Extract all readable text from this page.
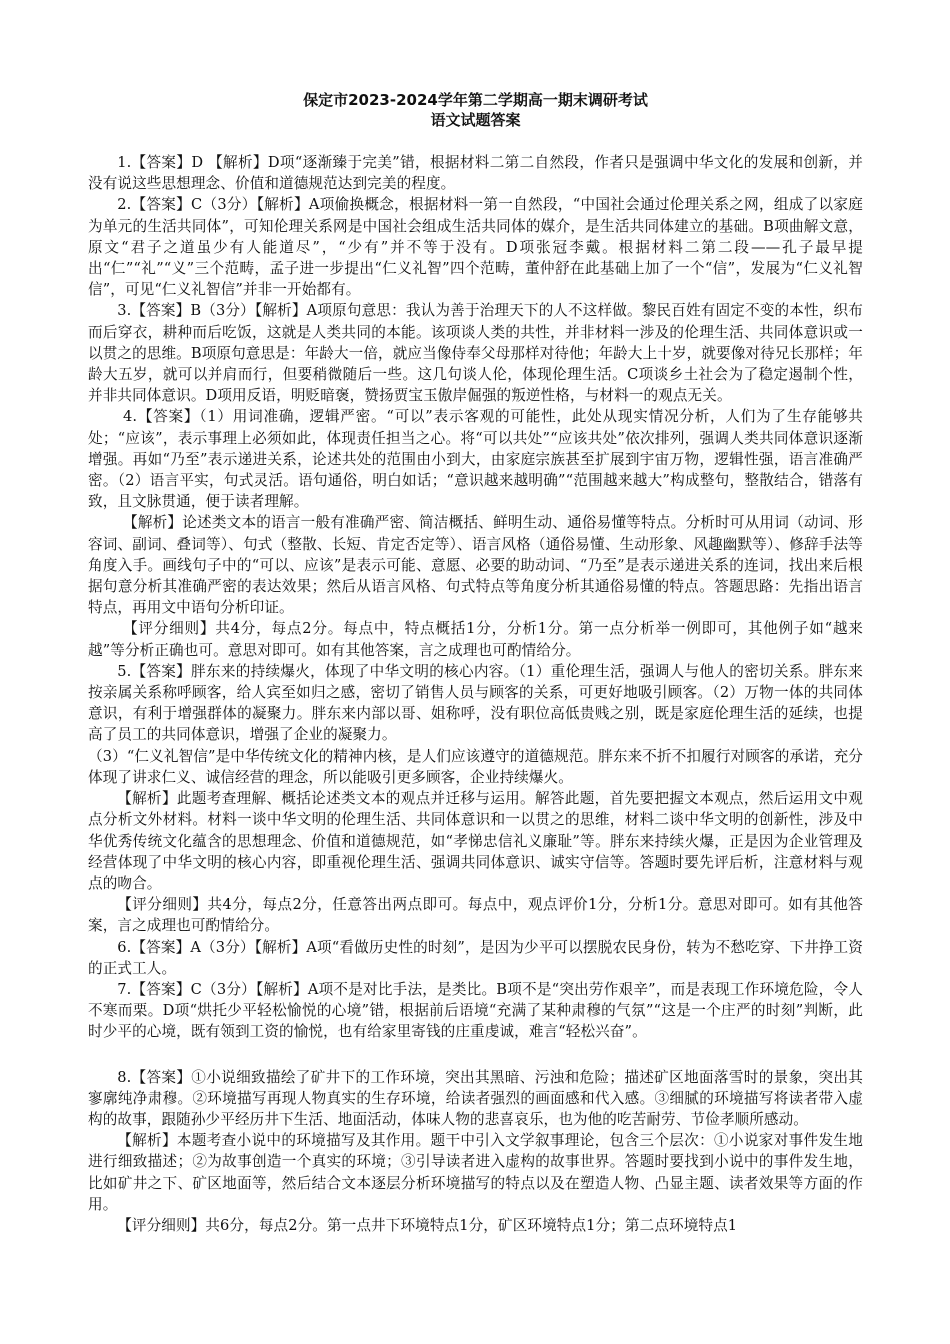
保定市2023-2024学年第二学期高一期末调研考试
语文试题答案

1.【答案】D 【解析】D项“逐渐臻于完美”错，根据材料二第二自然段，作者只是强调中华文化的发展和创新，并没有说这些思想理念、价值和道德规范达到完美的程度。

2.【答案】C（3分）【解析】A项偷换概念，根据材料一第一自然段，“中国社会通过伦理关系之网，组成了以家庭为单元的生活共同体”，可知伦理关系网是中国社会组成生活共同体的媒介，是生活共同体建立的基础。B项曲解文意，原文“君子之道虽少有人能道尽”，“少有”并不等于没有。D项张冠李戴。根据材料二第二段——孔子最早提出“仁”“礼”“义”三个范畴，孟子进一步提出“仁义礼智”四个范畴，董仲舒在此基础上加了一个“信”，发展为“仁义礼智信”，可见“仁义礼智信”并非一开始都有。

3.【答案】B（3分）【解析】A项原句意思：我认为善于治理天下的人不这样做。黎民百姓有固定不变的本性，织布而后穿衣，耕种而后吃饭，这就是人类共同的本能。该项谈人类的共性，并非材料一涉及的伦理生活、共同体意识或一以贯之的思维。B项原句意思是：年龄大一倍，就应当像侍奉父母那样对待他；年龄大上十岁，就要像对待兄长那样；年龄大五岁，就可以并肩而行，但要稍微随后一些。这几句谈人伦，体现伦理生活。C项谈乡土社会为了稳定遏制个性，并非共同体意识。D项用反语，明贬暗褒，赞扬贾宝玉傲岸倔强的叛逆性格，与材料一的观点无关。

4.【答案】（1）用词准确，逻辑严密。“可以”表示客观的可能性，此处从现实情况分析，人们为了生存能够共处；“应该”，表示事理上必须如此，体现责任担当之心。将“可以共处”“应该共处”依次排列，强调人类共同体意识逐渐增强。再如“乃至”表示递进关系，论述共处的范围由小到大，由家庭宗族甚至扩展到宇宙万物，逻辑性强，语言准确严密。（2）语言平实，句式灵活。语句通俗，明白如话；“意识越来越明确”“范围越来越大”构成整句，整散结合，错落有致，且文脉贯通，便于读者理解。

【解析】论述类文本的语言一般有准确严密、简洁概括、鲜明生动、通俗易懂等特点。分析时可从用词（动词、形容词、副词、叠词等）、句式（整散、长短、肯定否定等）、语言风格（通俗易懂、生动形象、风趣幽默等）、修辞手法等角度入手。画线句子中的“可以、应该”是表示可能、意愿、必要的助动词、“乃至”是表示递进关系的连词，找出来后根据句意分析其准确严密的表达效果；然后从语言风格、句式特点等角度分析其通俗易懂的特点。答题思路：先指出语言特点，再用文中语句分析印证。

【评分细则】共4分，每点2分。每点中，特点概括1分，分析1分。第一点分析举一例即可，其他例子如“越来越”等分析正确也可。意思对即可。如有其他答案，言之成理也可酌情给分。

5.【答案】胖东来的持续爆火，体现了中华文明的核心内容。（1）重伦理生活，强调人与他人的密切关系。胖东来按亲属关系称呼顾客，给人宾至如归之感，密切了销售人员与顾客的关系，可更好地吸引顾客。（2）万物一体的共同体意识，有利于增强群体的凝聚力。胖东来内部以哥、姐称呼，没有职位高低贵贱之别，既是家庭伦理生活的延续，也提高了员工的共同体意识，增强了企业的凝聚力。

（3）“仁义礼智信”是中华传统文化的精神内核，是人们应该遵守的道德规范。胖东来不折不扣履行对顾客的承诺，充分体现了讲求仁义、诚信经营的理念，所以能吸引更多顾客，企业持续爆火。

【解析】此题考查理解、概括论述类文本的观点并迁移与运用。解答此题，首先要把握文本观点，然后运用文中观点分析文外材料。材料一谈中华文明的伦理生活、共同体意识和一以贯之的思维，材料二谈中华文明的创新性，涉及中华优秀传统文化蕴含的思想理念、价值和道德规范，如“孝悌忠信礼义廉耻”等。胖东来持续火爆，正是因为企业管理及经营体现了中华文明的核心内容，即重视伦理生活、强调共同体意识、诚实守信等。答题时要先评后析，注意材料与观点的吻合。

【评分细则】共4分，每点2分，任意答出两点即可。每点中，观点评价1分，分析1分。意思对即可。如有其他答案，言之成理也可酌情给分。

6.【答案】A（3分）【解析】A项“看做历史性的时刻”，是因为少平可以摆脱农民身份，转为不愁吃穿、下井挣工资的正式工人。

7.【答案】C（3分）【解析】A项不是对比手法，是类比。B项不是“突出劳作艰辛”，而是表现工作环境危险，令人不寒而栗。D项“烘托少平轻松愉悦的心境”错，根据前后语境“充满了某种肃穆的气氛”“这是一个庄严的时刻”判断，此时少平的心境，既有领到工资的愉悦，也有给家里寄钱的庄重虔诚，难言“轻松兴奋”。

8.【答案】①小说细致描绘了矿井下的工作环境，突出其黑暗、污浊和危险；描述矿区地面落雪时的景象，突出其寥廓纯净肃穆。②环境描写再现人物真实的生存环境，给读者强烈的画面感和代入感。③细腻的环境描写将读者带入虚构的故事，跟随孙少平经历井下生活、地面活动，体味人物的悲喜哀乐，也为他的吃苦耐劳、节俭孝顺所感动。

【解析】本题考查小说中的环境描写及其作用。题干中引入文学叙事理论，包含三个层次：①小说家对事件发生地进行细致描述；②为故事创造一个真实的环境；③引导读者进入虚构的故事世界。答题时要找到小说中的事件发生地，比如矿井之下、矿区地面等，然后结合文本逐层分析环境描写的特点以及在塑造人物、凸显主题、读者效果等方面的作用。

【评分细则】共6分，每点2分。第一点井下环境特点1分，矿区环境特点1分；第二点环境特点1
